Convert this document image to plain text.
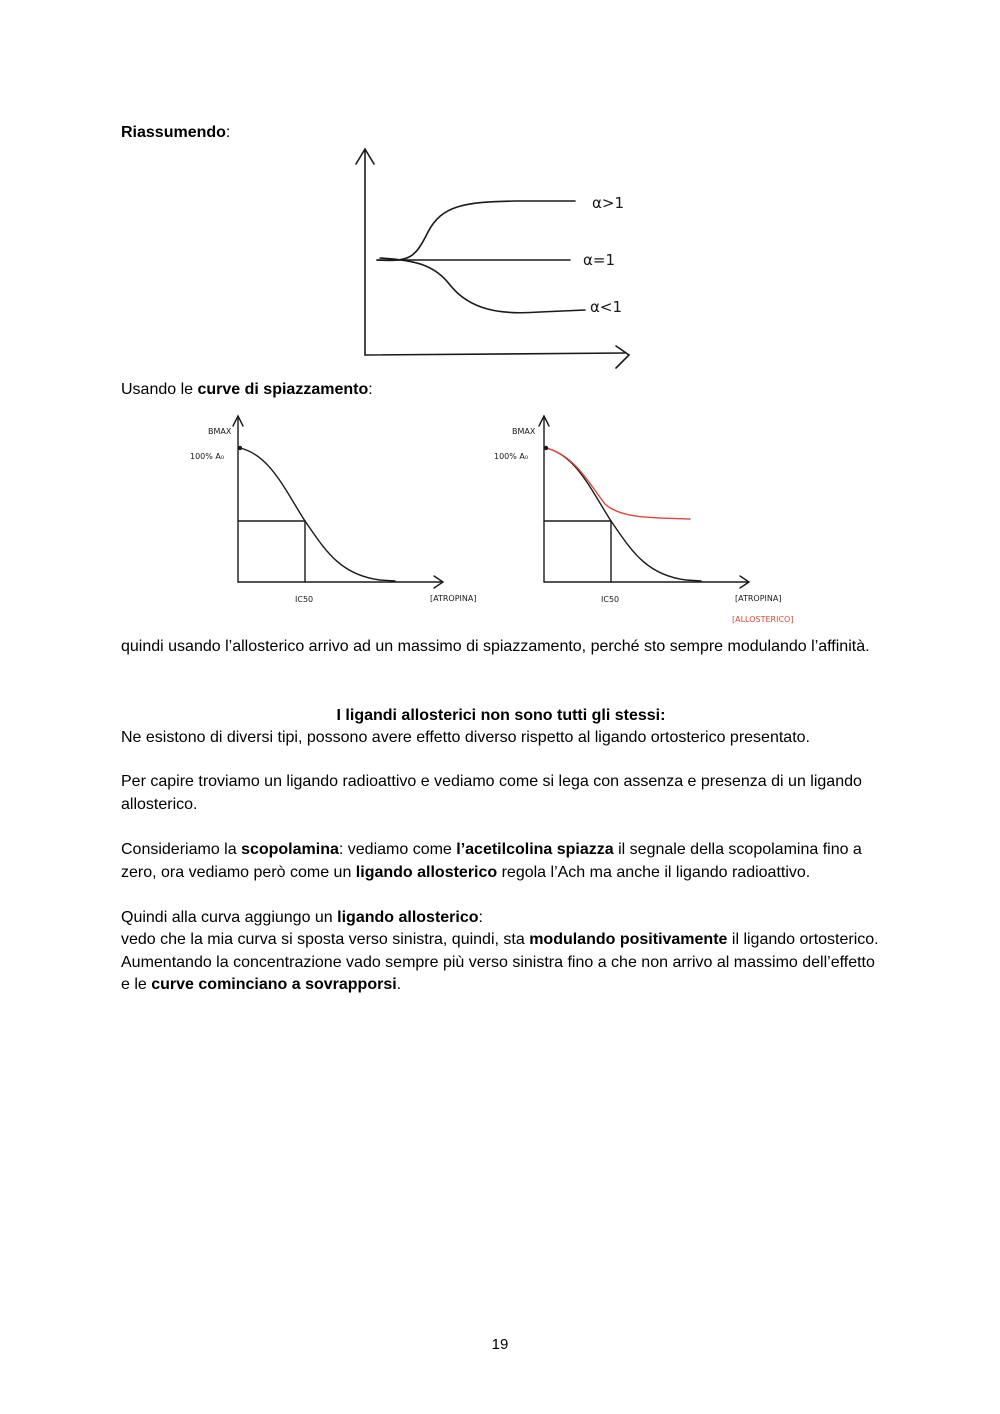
Riassumendo:

α>1
α=1
α<1

Usando le curve di spiazzamento:

BMAX
100% A₀
IC50	[ATROPINA]
BMAX
100% A₀
IC50	[ATROPINA]
[ALLOSTERICO]

quindi usando l’allosterico arrivo ad un massimo di spiazzamento, perché sto sempre modulando l’affinità.

I ligandi allosterici non sono tutti gli stessi:

Ne esistono di diversi tipi, possono avere effetto diverso rispetto al ligando ortosterico presentato.

Per capire troviamo un ligando radioattivo e vediamo come si lega con assenza e presenza di un ligando allosterico.

Consideriamo la scopolamina: vediamo come l’acetilcolina spiazza il segnale della scopolamina fino a zero, ora vediamo però come un ligando allosterico regola l’Ach ma anche il ligando radioattivo.

Quindi alla curva aggiungo un ligando allosterico:

vedo che la mia curva si sposta verso sinistra, quindi, sta modulando positivamente il ligando ortosterico. Aumentando la concentrazione vado sempre più verso sinistra fino a che non arrivo al massimo dell’effetto e le curve cominciano a sovrapporsi.

19
